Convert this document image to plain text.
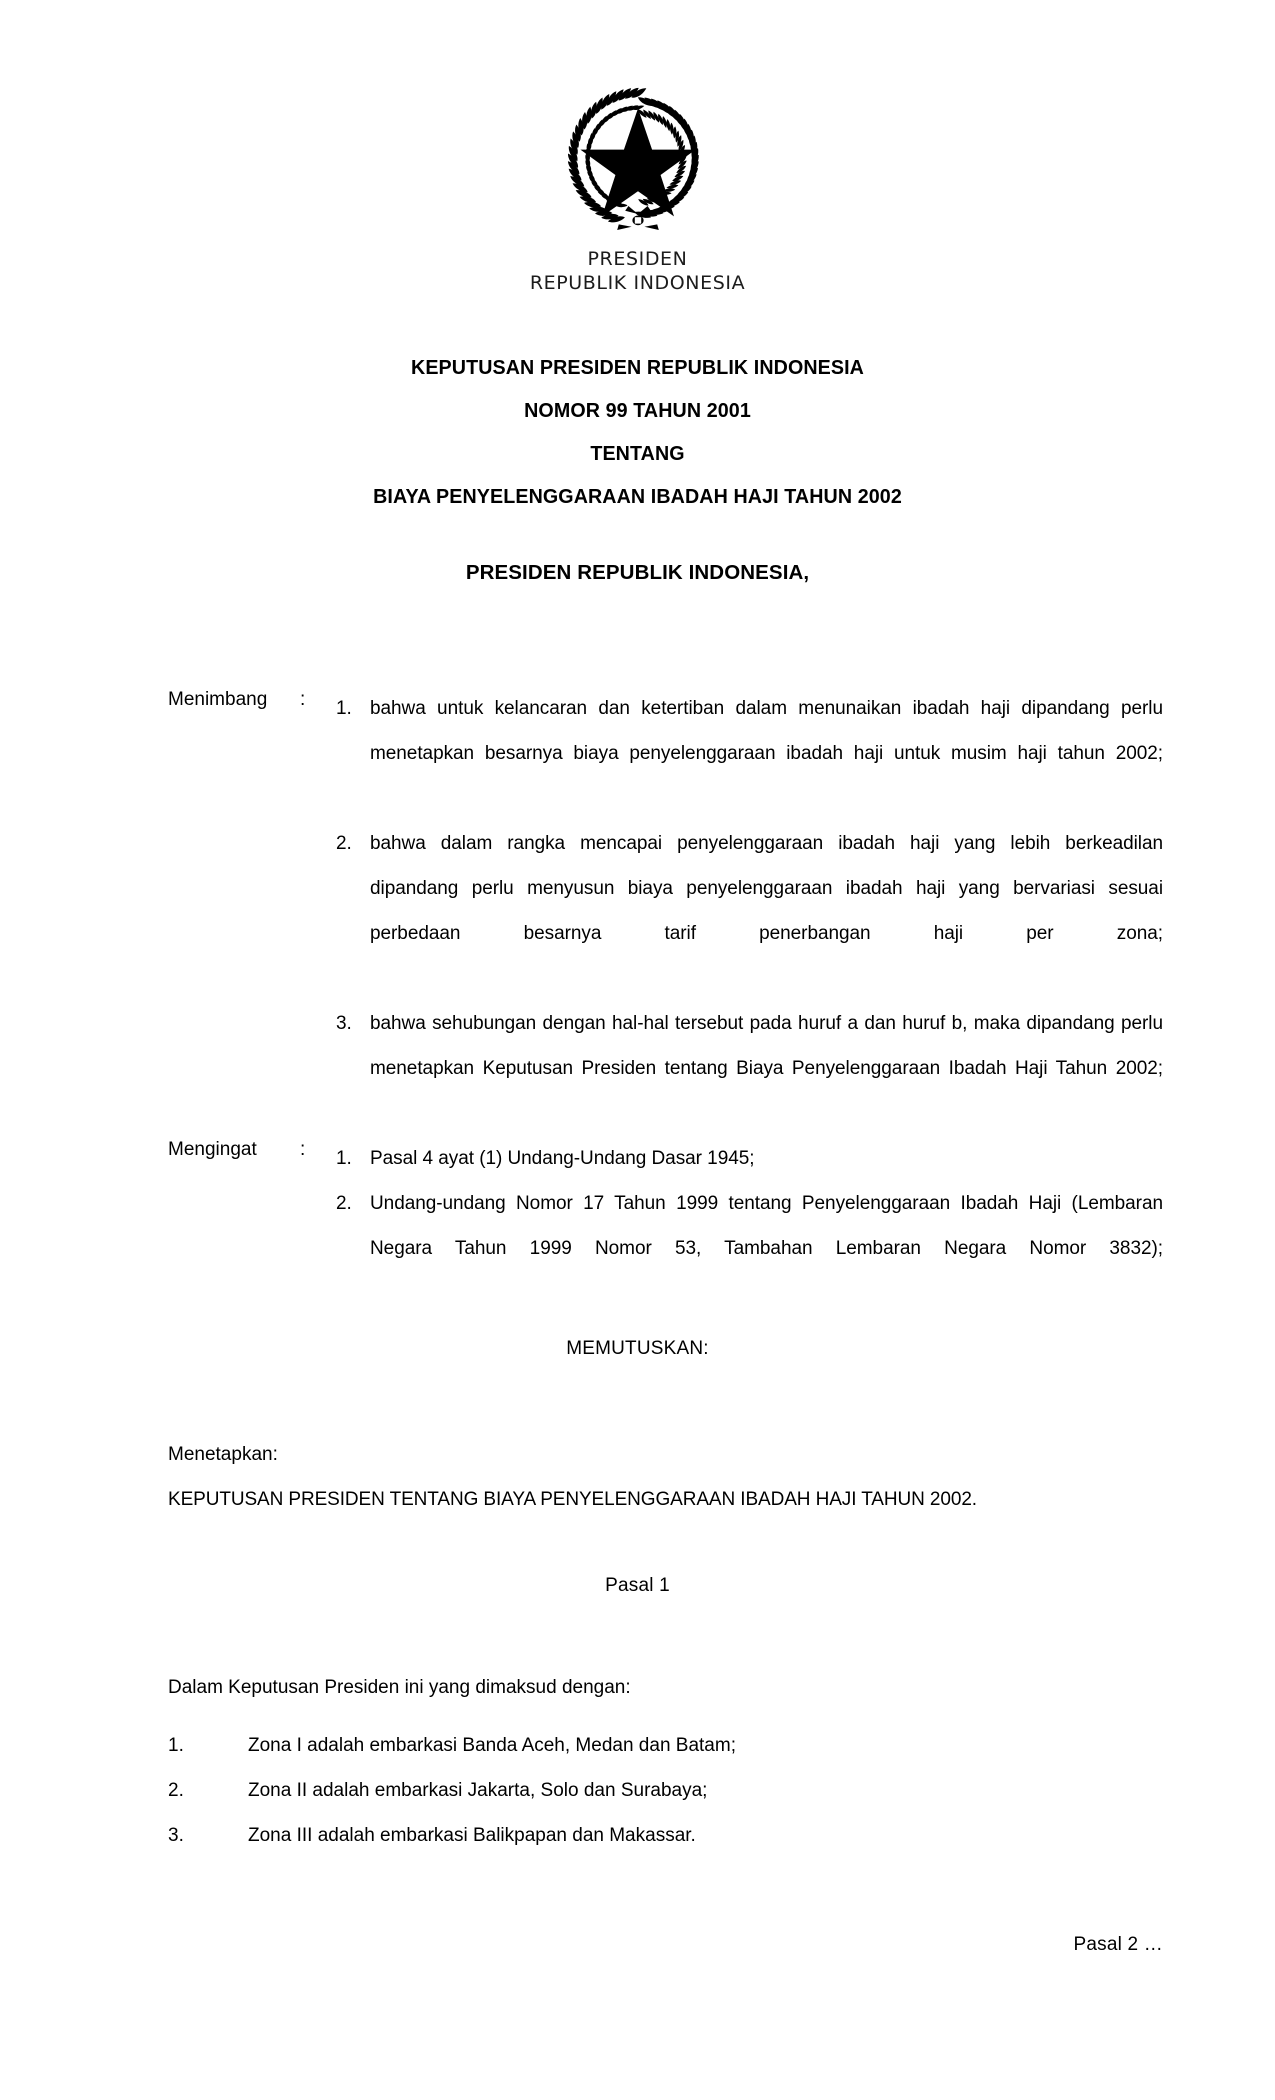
PRESIDEN
REPUBLIK INDONESIA
KEPUTUSAN PRESIDEN REPUBLIK INDONESIA
NOMOR 99 TAHUN 2001
TENTANG
BIAYA PENYELENGGARAAN IBADAH HAJI TAHUN 2002
PRESIDEN REPUBLIK INDONESIA,
Menimbang	: 1. bahwa untuk kelancaran dan ketertiban dalam menunaikan ibadah haji dipandang perlu menetapkan besarnya biaya penyelenggaraan ibadah haji untuk musim haji tahun 2002;
2. bahwa dalam rangka mencapai penyelenggaraan ibadah haji yang lebih berkeadilan dipandang perlu menyusun biaya penyelenggaraan ibadah haji yang bervariasi sesuai perbedaan besarnya tarif penerbangan haji per zona;
3. bahwa sehubungan dengan hal-hal tersebut pada huruf a dan huruf b, maka dipandang perlu menetapkan Keputusan Presiden tentang Biaya Penyelenggaraan Ibadah Haji Tahun 2002;
Mengingat	: 1. Pasal 4 ayat (1) Undang-Undang Dasar 1945;
2. Undang-undang Nomor 17 Tahun 1999 tentang Penyelenggaraan Ibadah Haji (Lembaran Negara Tahun 1999 Nomor 53, Tambahan Lembaran Negara Nomor 3832);
MEMUTUSKAN:
Menetapkan:
KEPUTUSAN PRESIDEN TENTANG BIAYA PENYELENGGARAAN IBADAH HAJI TAHUN 2002.
Pasal 1
Dalam Keputusan Presiden ini yang dimaksud dengan:
1.	Zona I adalah embarkasi Banda Aceh, Medan dan Batam;
2.	Zona II adalah embarkasi Jakarta, Solo dan Surabaya;
3.	Zona III adalah embarkasi Balikpapan dan Makassar.
Pasal 2 …
